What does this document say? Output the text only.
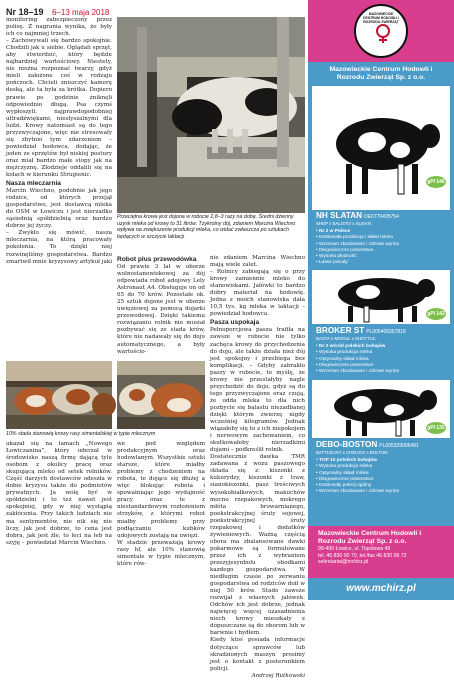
Nr 18–19 6–13 maja 2018

monitoring zabezpieczony przez polisę. Z nagrania wynika, że były ich co najmniej trzech.

– Zachowywali się bardzo spokojnie. Chodzili jak u siebie. Oglądali sprzęt, aby stwierdzić, który będzie najbardziej wartościowy. Niestety, nie można rozpoznać twarzy, gdyż mieli założone coś w rodzaju pończoch. Chcieli zniszczyć kamerę deską, ale ta była za krótka. Dopiero prawie po godzinie zniknęli odpowiednio długą. Psa czymś wypłoszyli, najprawdopodobniej ultradźwiękami, niesłyszalnymi dla ludzi. Krowy natomiast są do tego przyzwyczajone, więc nie stresowały się zbytnio tym zdarzeniem – powiedział hodowca, dodając, że jeden ze sprzętów był niskiej postury oraz miał bardzo małe stopy jak na mężczyznę. Złodzieje oddalili się na kołach w kierunku Strugienic.

Nasza mleczarnia

Marcin Wiechno, podobnie jak jego rodzice, od których przejął gospodarstwo, jest dostawcą mleka do OSM w Łowiczu i jest nierzadko sąsiednią spółdzielnią oraz bardzo dobrze jej życzy.

– Zwykło się mówić, nasza mleczarnia, na którą pracowały pokolenia. To dzięki niej rozwinęliśmy gospodarstwa. Bardzo zmartwił mnie kryzysowy artykuł jaki

Przeciętna krowa jest dojona w robocie 2,8–3 razy na dobę. Średni dzienny uzysk mleka od krowy to 31 litrów. Tzykrotny dój, zdaniem Marcina Wiechno wpływa na zwiększenie produkcji mleka, co widać zwłaszcza po sztukach będących w szczycie laktacji
10% stada stanowią krowy rasy simentalskiej w typie mlecznym
Robot plus przewodówka

Od prawie 3 lat w oborze wolnostanowiskowej za dój odpowiada robot adojowy Lely Astronaut A4. Obsługuje on od 65 do 70 krów. Pozostałe ok. 25 sztuk dojone jest w oborze uwięziowej za pomocą dojarki przewodowej. Dzięki takiemu rozwiązaniu rolnik nie musiał pozbywać się ze stada krów, które nie nadawały się do doju automatycznego, a były wartościo-

nie zdaniem Marcina Wiechno mają wiele zalet.

– Rolnicy zabiegają się o przy krowy zamiennie mleko do stanowiskami. Jałówki to bardzo dobry materiał na hodowlę. Jedna z moich stanowiska dała 10,5 tys. kg mleka w laktacji – powiedział hodowca.

Pasza uspokaja

Pełnoporcjowa pasza trafiła na zawsze w robocie nie tylko zachęca krowy do przychodzenia do doju, ale także działa nież dój jest spokojny i przebiega bez komplikacji. – Gdyby zabrakło paszy w robocie, to myślę, że krowy nie przestałyby nagle przychodzić do doju, gdyż są do tego przyzwyczajone oraz czują, że odda mleka to dla nich pozbycie się balastu niezadbanej dzięki którym zwierzę nigdy wcześniej kilogramów. Jednak wiązałoby się to z ich niepokojem i nerwowym zachowaniem, co skutkowałoby nierzadkimi dojami – podkreślił rolnik.

Dostatecznie dawka TMR zadawana z wozu paszowego składa się z: kiszonki z kukurydzy, kiszonki z traw, sianokiszonki, pasz treściwych wysokobiałkowych, makuchów mocno rzepakowych, mokrego młóta browarnianego, poekstrakcyjnej śruty sojowej, poekstrakcyjnej śruty rzepakowej i dodatków żywieniowych. Ważną częścią obora ma zbalansowane dawki pokarmowe są formułowane przez ich z wybraniem przezyjesynbolu obodkami kazdego gospodarstwa. W niedługim czasie po zerwaniu gospodarstwa od rodziców doił w niej 50 krów. Stado zawsze rozwijał z własnych jałówek. Odchów ich jest dobrze, jednak najwięcej więcej uzasadnienia niech krowy mieszkały z dopuszczane są do oborom lub w barwnie i bydłem.

Kiedy ktoś posiada informacje dotyczące sprawców lub skradzionych maszyn prosimy jest o kontakt z posterunkiem policji.

Andrzej Rutkowski

ukazał się na łamach „Nowego Łowiczanina”, który uderzał w środowisko naszą firmę dającą tylu osobom z okolicy pracę oraz skupującą mleko od setek rolników. Część darzych dostawców odeszła w dobie kryzysu także do podmiotów prywatnych. Ja wolę być w spółdzielni i to też nawet jest spokojniej, gdy w niej wystąpią zakłócenia. Przy takich ludziach nie ma sentymentów, nie nik się nie liczy, jak jest dobrze, to cena jest dobra, jak jest źle, to leci na łeb na szyję – powiedział Marcin Wiechno.

we pod względem produkcyjnym oraz hodowlanym. Wszystkie sztuki starsze, które miałby problemy z chodzeniem na robota, te dojące się dłużej a więc blokując robota i spowalniając jego wydajność pracy oraz te z niestandardowym rozłożeniem strzyków, z którymi robot miałby problemy przy podłączaniu kubków udojowych zostają na uwięzi.

W stadzie przeważają krowy rasy hf, ale 10% stanowią simentale w typie mlecznym, które rów-

MAZOWIECKIE CENTRUM HODOWLI I ROZRODU ZWIERZĄT
Mazowieckie Centrum Hodowli i Rozrodu Zwierząt Sp. z o.o.
gPI 146
NH SLATAN DE0770405754
SHEP x BALISTO x SUDAN
• Nr 2 w Polsce
• Doskonała produkcja i skład mleka
• Wzorowo zbudowane i zdrowe wymię
• Długowieczne potomstwo
• Wysoka płodność
• Łatwe porody
gPI 142
BROKER ST PL005406357819
BASTA x MOGUL x SHOTTLE
• Nr 2 wśród polskich buhajów
• Wysoka produkcja mleka
• Optymalny skład mleka
• Długowieczne potomstwo
• Wzorowo zbudowane i zdrowe wymię
gPI 135
DEBO-BOSTON PL005329006481
BATTLECRY x CHEUGO x BOLTON
• TOP 10 polskich buhajów
• Wysoka produkcja mleka
• Optymalny skład mleka
• Długowieczne potomstwo
• Doskonały pokrój ogólny
• Wzorowo zbudowane i zdrowe wymię
Mazowieckie Centrum Hodowli i Rozrodu Zwierząt Sp. z o.o.
99-400 Łowicz, ul. Topolowa 49
tel. 46 830 00 70, tel./fax 46 830 06 72
sekretariat@mchirz.pl
www.mchirz.pl
